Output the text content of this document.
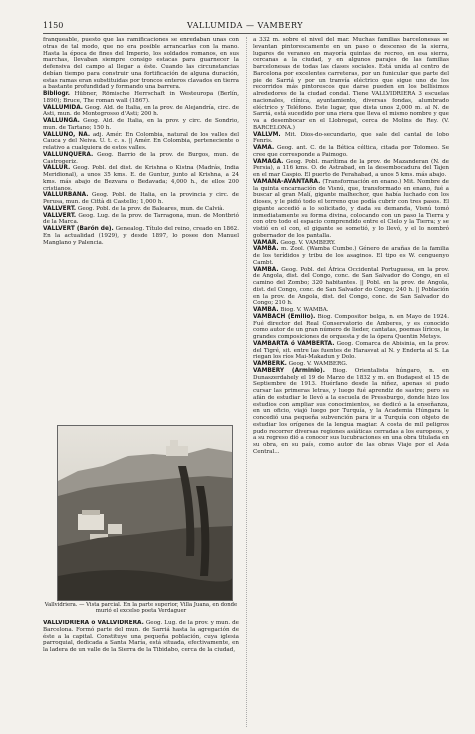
1150	VALLUMIDA — VAMBERY

franqueable, puesto que las ramificaciones se enredaban unas con otras de tal modo, que no era posible arrancarlas con la mano. Hasta la época de fines del Imperio, los soldados romanos, en sus marchas, llevaban siempre consigo estacas para guarnecer la defensiva del campo al llegar a éste. Cuando las circunstancias debían tiempo para construir una fortificación de alguna duración, estas ramas eran substituidas por troncos enteros clavados en tierra a bastante profundidad y formando una barrera.

Bibliogr. Hübner, Römische Herrschaft in Westeuropa (Berlín, 1890); Bruce, The roman wall (1867).

VALLUMIDA. Geog. Ald. de Italia, en la prov. de Alejandría, circ. de Asti, mun. de Montegrosso d'Asti; 200 h.

VALLUNGA. Geog. Ald. de Italia, en la prov. y circ. de Sondrio, mun. de Tartano; 150 h.

VALLUNO, NA. adj. Amér. En Colombia, natural de los valles del Cauca y del Neiva. U. t. c. s. || Amér. En Colombia, perteneciente o relativo a cualquiera de estos valles.

VALLUNQUERA. Geog. Barrio de la prov. de Burgos, mun. de Castrogeriz.

VALLUR. Geog. Pobl. del dist. de Krishna o Kistna (Madrás, India Meridional), a unos 35 kms. E. de Guntur, junto al Krishna, a 24 kms. más abajo de Bezvara o Bedavada; 4,000 h., de ellos 200 cristianos.

VALLURBANA. Geog. Pobl. de Italia, en la provincia y circ. de Perusa, mun. de Città di Castello; 1,000 h.

VALLVERT. Geog. Pobl. de la prov. de Baleares, mun. de Calvià.

VALLVERT. Geog. Lug. de la prov. de Tarragona, mun. de Montbrió de la Marca.

VALLVERT (Barón de). Genealog. Título del reino, creado en 1862. En la actualidad (1929), y desde 1897, lo posee don Manuel Manglano y Palencia.

Vallvidriera. — Vista parcial. En la parte superior, Villa Juana, en donde murió el excelso poeta Verdaguer

VALLVIDRIERA ó VALLVIDRERA. Geog. Lug. de la prov. y mun. de Barcelona. Formó parte del mun. de Sarriá hasta la agregación de éste a la capital. Constituye una pequeña población, cuya iglesia parroquial, dedicada a Santa María, está situada, efectivamente, en la ladera de un valle de la Sierra de la Tibidabo, cerca de la ciudad,

a 332 m. sobre el nivel del mar. Muchas familias barcelonesas se levantan pintorescamente en un paso o descenso de la sierra, lugares de veraneo en mayoría quintas de recreo, en esa sierra, cercanas a la ciudad, y en algunos parajes de las familias barcelonesas de todas las clases sociales. Está unida al centro de Barcelona por excelentes carreteras, por un funicular que parte del pie de Sarriá y por un tranvía eléctrico que sigue uno de los recorridos más pintorescos que darse pueden en los bellísimos alrededores de la ciudad condal. Tiene VALLVIDRIERA 3 escuelas nacionales, clínica, ayuntamiento, diversas fondas, alumbrado eléctrico y Teléfono. Este lugar, que dista unos 2,000 m. al N. de Sarriá, está sucedido por una riera que lleva el mismo nombre y que va a desembocar en el Llobregat, cerca de Molins de Rey. (V. BARCELONA.)

VALLVM. Mit. Dios-do-secundario, que sale del cantal de lobo Fenris.

VAMA. Geog. ant. C. de la Bética céltica, citada por Tolomeo. Se cree que corresponde a Paimogo.

VAMAGA. Geog. Pobl. marítima de la prov. de Mazanderan (N. de Persia), a 116 kms. O. de Astrabad, en la desembocadura del Tajen en el mar Caspio. El puerto de Ferahabad, a unos 5 kms. más abajo.

VAMANA-AVANTARA. (Transformación en enano.) Mit. Nombre de la quinta encarnación de Visnú, que, transformado en enano, fué a buscar al gran Malí, gigante malhechor, que había luchado con los dioses, y le pidió todo el terreno que podía cubrir con tres pasos. El gigante accedió a lo solicitado, y dada su demanda, Visnú tomó inmediatamente su forma divina, colocando con un paso la Tierra y con otro todo el espacio comprendido entre el Cielo y la Tierra; y se vistió en el con, el gigante se sometió, y lo llevó, y el lo nombró gobernador de los pantalla.

VAMAR. Geog. V. VAMBERY.

VAMBA. m. Zool. (Wamba Cumbe.) Género de arañas de la familia de los terídidos y tribu de los asaginos. El tipo es W. cenguenyo Cambt.

VAMBA. Geog. Pobl. del África Occidental Portuguesa, en la prov. de Angola, dist. del Congo, conc. de San Salvador do Congo, en el camino del Zombo; 320 habitantes. || Pobl. en la prov. de Angola, dist. del Congo, conc. de San Salvador do Congo; 240 h. || Población en la prov. de Angola, dist. del Congo, conc. de San Salvador do Congo; 210 h.

VAMBA. Biog. V. WAMBA.

VAMBACH (Emilio). Biog. Compositor belga, n. en Mayo de 1924. Fué director del Real Conservatorio de Amberes, y es conocido como autor de un gran número de lieder, cantatas, poemas líricos, le grandes composiciones de orquesta y de la ópera Quentin Metsys.

VAMBARTA ó VAMBERTA. Geog. Comarca de Abisinia, en la prov. del Tigré, sit. entre las fuentes de Harasvat al N. y Enderta al S. La riegan los ríos Mai-Makadun y Dolo.

VAMBERK. Geog. V. WAMBERG.

VAMBERY (Arminio). Biog. Orientalista húngaro, n. en Dunaszerdahely el 19 de Marzo de 1832 y m. en Budapest el 15 de Septiembre de 1913. Huérfano desde la niñez, apenas si pudo cursar las primeras letras, y luego fué aprendiz de sastre; pero su afán de estudiar le llevó a la escuela de Pressburgo, donde hizo los estudios con ampliar sus conocimientos, se dedicó a la enseñanza, en un oficio, viajó luego por Turquía, y la Academia Húngara le concedió una pequeña subvención para ir a Turquía con objeto de estudiar los orígenes de la lengua magiar. A costa de mil peligros pudo recorrer diversas regiones asiáticas cerradas a los europeos, y a su regreso dió a conocer sus lucubraciones en una obra titulada en su obra, en su país, como autor de las obras Viaje por el Asia Central...
